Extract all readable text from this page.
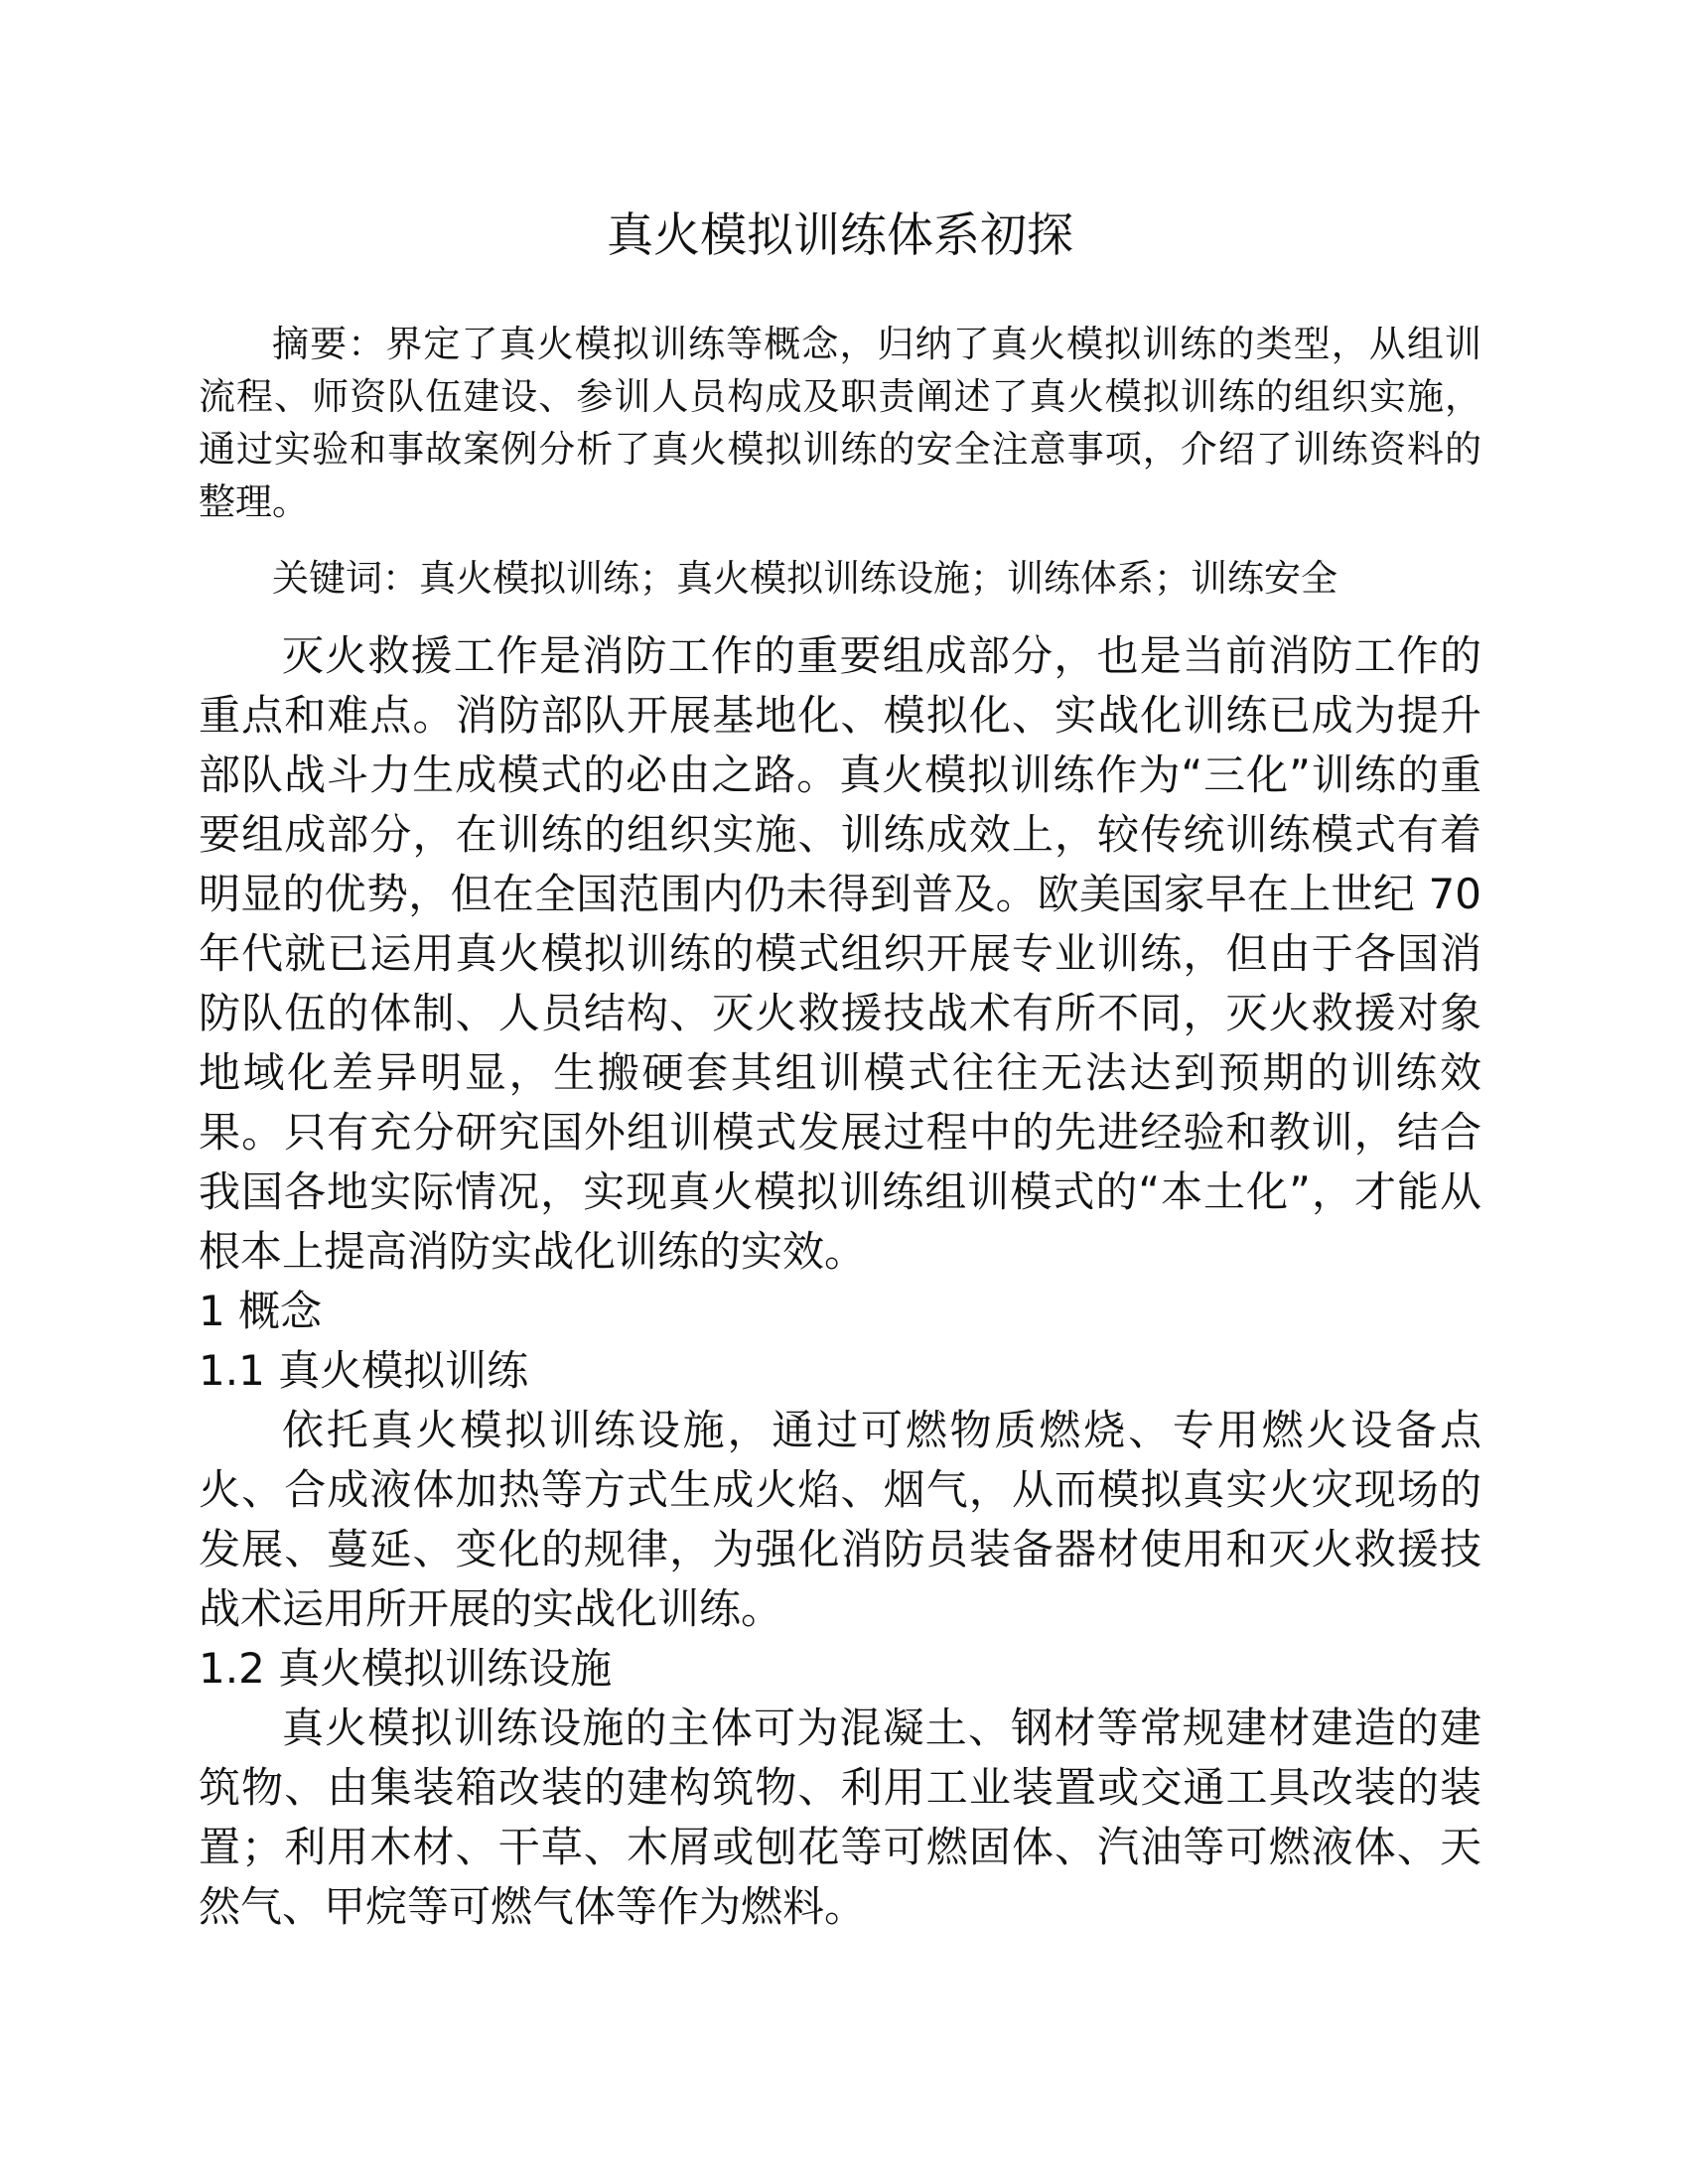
真火模拟训练体系初探

摘要：界定了真火模拟训练等概念，归纳了真火模拟训练的类型，从组训流程、师资队伍建设、参训人员构成及职责阐述了真火模拟训练的组织实施，通过实验和事故案例分析了真火模拟训练的安全注意事项，介绍了训练资料的整理。

关键词：真火模拟训练；真火模拟训练设施；训练体系；训练安全

灭火救援工作是消防工作的重要组成部分，也是当前消防工作的重点和难点。消防部队开展基地化、模拟化、实战化训练已成为提升部队战斗力生成模式的必由之路。真火模拟训练作为“三化”训练的重要组成部分，在训练的组织实施、训练成效上，较传统训练模式有着明显的优势，但在全国范围内仍未得到普及。欧美国家早在上世纪 70 年代就已运用真火模拟训练的模式组织开展专业训练，但由于各国消防队伍的体制、人员结构、灭火救援技战术有所不同，灭火救援对象地域化差异明显，生搬硬套其组训模式往往无法达到预期的训练效果。只有充分研究国外组训模式发展过程中的先进经验和教训，结合我国各地实际情况，实现真火模拟训练组训模式的“本土化”，才能从根本上提高消防实战化训练的实效。

1 概念
1.1 真火模拟训练

依托真火模拟训练设施，通过可燃物质燃烧、专用燃火设备点火、合成液体加热等方式生成火焰、烟气，从而模拟真实火灾现场的发展、蔓延、变化的规律，为强化消防员装备器材使用和灭火救援技战术运用所开展的实战化训练。

1.2 真火模拟训练设施

真火模拟训练设施的主体可为混凝土、钢材等常规建材建造的建筑物、由集装箱改装的建构筑物、利用工业装置或交通工具改装的装置；利用木材、干草、木屑或刨花等可燃固体、汽油等可燃液体、天然气、甲烷等可燃气体等作为燃料。
